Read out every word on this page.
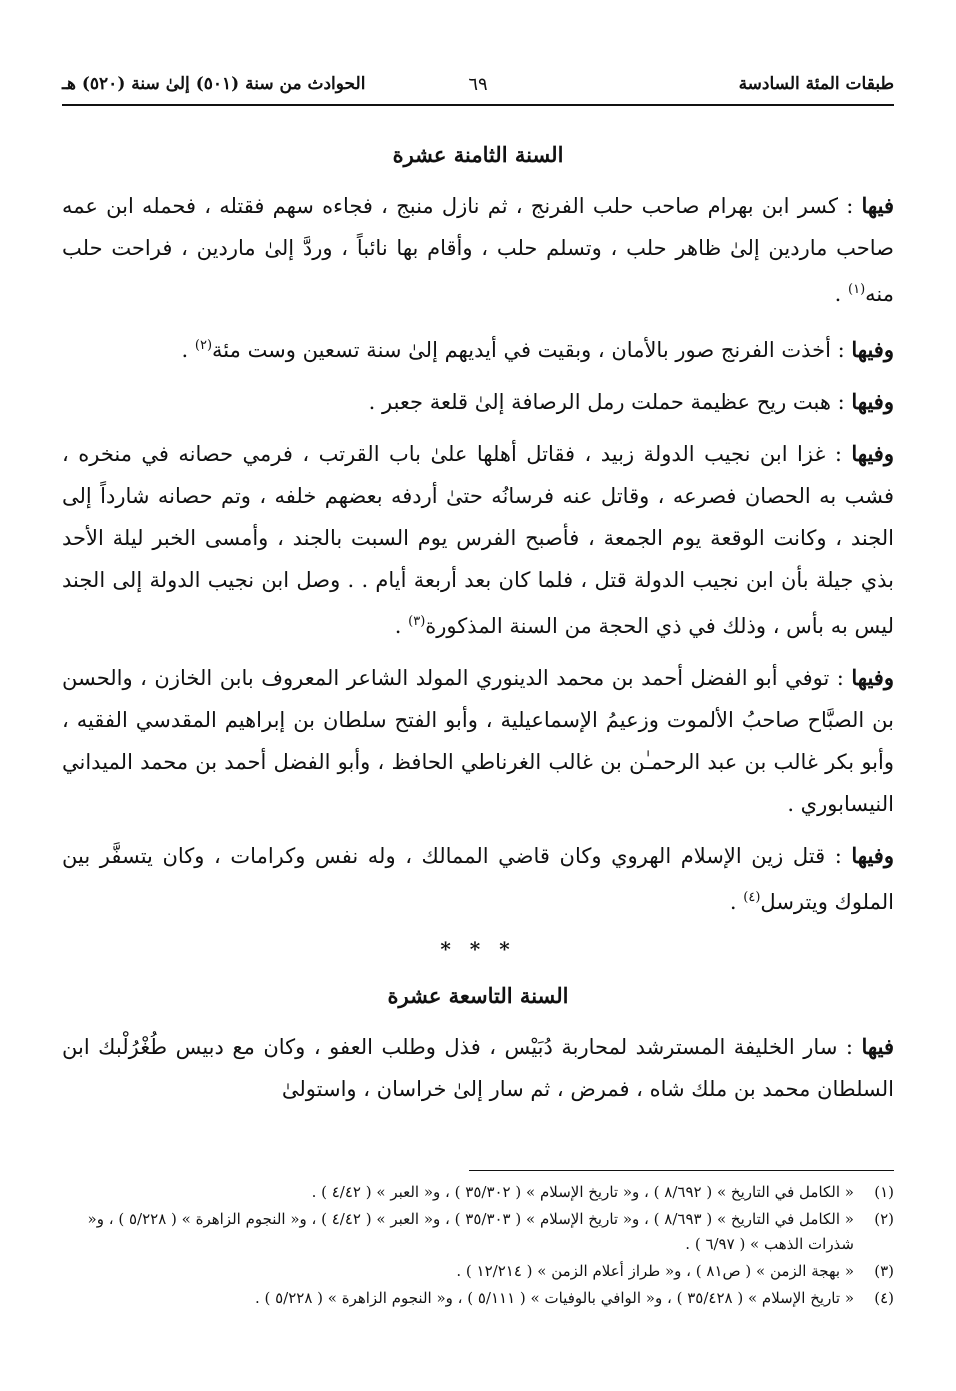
طبقات المئة السادسة
٦٩
الحوادث من سنة (٥٠١) إلىٰ سنة (٥٢٠) هـ
السنة الثامنة عشرة

فيها : كسر ابن بهرام صاحب حلب الفرنج ، ثم نازل منبج ، فجاءه سهم فقتله ، فحمله ابن عمه صاحب ماردين إلىٰ ظاهر حلب ، وتسلم حلب ، وأقام بها نائباً ، وردَّ إلىٰ ماردين ، فراحت حلب منه$^{(١)}$ .

وفيها : أخذت الفرنج صور بالأمان ، وبقيت في أيديهم إلىٰ سنة تسعين وست مئة$^{(٢)}$ .

وفيها : هبت ريح عظيمة حملت رمل الرصافة إلىٰ قلعة جعبر .

وفيها : غزا ابن نجيب الدولة زبيد ، فقاتل أهلها علىٰ باب القرتب ، فرمي حصانه في منخره ، فشب به الحصان فصرعه ، وقاتل عنه فرسانُه حتىٰ أردفه بعضهم خلفه ، وتم حصانه شارداً إلى الجند ، وكانت الوقعة يوم الجمعة ، فأصبح الفرس يوم السبت بالجند ، وأمسى الخبر ليلة الأحد بذي جيلة بأن ابن نجيب الدولة قتل ، فلما كان بعد أربعة أيام . . وصل ابن نجيب الدولة إلى الجند ليس به بأس ، وذلك في ذي الحجة من السنة المذكورة$^{(٣)}$ .

وفيها : توفي أبو الفضل أحمد بن محمد الدينوري المولد الشاعر المعروف بابن الخازن ، والحسن بن الصبَّاح صاحبُ الألموت وزعيمُ الإسماعيلية ، وأبو الفتح سلطان بن إبراهيم المقدسي الفقيه ، وأبو بكر غالب بن عبد الرحمـٰن بن غالب الغرناطي الحافظ ، وأبو الفضل أحمد بن محمد الميداني النيسابوري .

وفيها : قتل زين الإسلام الهروي وكان قاضي الممالك ، وله نفس وكرامات ، وكان يتسفَّر بين الملوك ويترسل$^{(٤)}$ .

* * *
السنة التاسعة عشرة

فيها : سار الخليفة المسترشد لمحاربة دُبَيْس ، فذل وطلب العفو ، وكان مع دبيس طُغْرُلْبك ابن السلطان محمد بن ملك شاه ، فمرض ، ثم سار إلىٰ خراسان ، واستولىٰ

(١)
« الكامل في التاريخ » ( ٨/٦٩٢ ) ، و« تاريخ الإسلام » ( ٣٥/٣٠٢ ) ، و« العبر » ( ٤/٤٢ ) .
(٢)
« الكامل في التاريخ » ( ٨/٦٩٣ ) ، و« تاريخ الإسلام » ( ٣٥/٣٠٣ ) ، و« العبر » ( ٤/٤٢ ) ، و« النجوم الزاهرة » ( ٥/٢٢٨ ) ، و« شذرات الذهب » ( ٦/٩٧ ) .
(٣)
« بهجة الزمن » ( ص٨١ ) ، و« طراز أعلام الزمن » ( ١٢/٢١٤ ) .
(٤)
« تاريخ الإسلام » ( ٣٥/٤٢٨ ) ، و« الوافي بالوفيات » ( ٥/١١١ ) ، و« النجوم الزاهرة » ( ٥/٢٢٨ ) .
